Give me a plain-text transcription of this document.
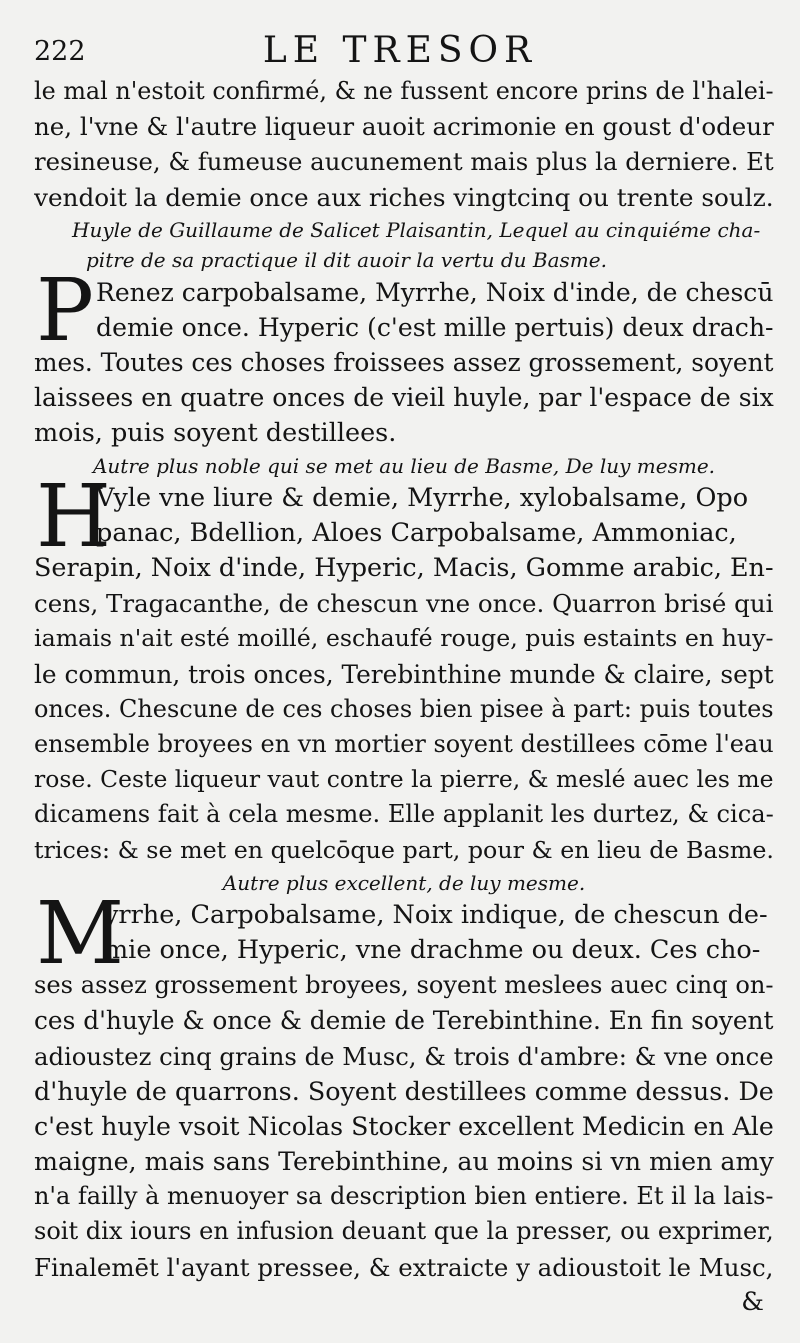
222	LE TRESOR
le mal n'estoit confirmé, & ne fussent encore prins de l'halei-
ne, l'vne & l'autre liqueur auoit acrimonie en goust d'odeur
resineuse, & fumeuse aucunement mais plus la derniere. Et
vendoit la demie once aux riches vingtcinq ou trente soulz.
Huyle de Guillaume de Salicet Plaisantin, Lequel au cinquiéme cha-
pitre de sa practique il dit auoir la vertu du Basme.
P Renez carpobalsame, Myrrhe, Noix d'inde, de chescū
demie once. Hyperic (c'est mille pertuis) deux drach-
mes. Toutes ces choses froissees assez grossement, soyent
laissees en quatre onces de vieil huyle, par l'espace de six
mois, puis soyent destillees.
Autre plus noble qui se met au lieu de Basme, De luy mesme.
H
Vyle vne liure & demie, Myrrhe, xylobalsame, Opo
panac, Bdellion, Aloes Carpobalsame, Ammoniac,
Serapin, Noix d'inde, Hyperic, Macis, Gomme arabic, En-
cens, Tragacanthe, de chescun vne once. Quarron brisé qui
iamais n'ait esté moillé, eschaufé rouge, puis estaints en huy-
le commun, trois onces, Terebinthine munde & claire, sept
onces. Chescune de ces choses bien pisee à part: puis toutes
ensemble broyees en vn mortier soyent destillees cōme l'eau
rose. Ceste liqueur vaut contre la pierre, & meslé auec les me
dicamens fait à cela mesme. Elle applanit les durtez, & cica-
trices: & se met en quelcōque part, pour & en lieu de Basme.
Autre plus excellent, de luy mesme.
M
yrrhe, Carpobalsame, Noix indique, de chescun de-
mie once, Hyperic, vne drachme ou deux. Ces cho-
ses assez grossement broyees, soyent meslees auec cinq on-
ces d'huyle & once & demie de Terebinthine. En fin soyent
adioustez cinq grains de Musc, & trois d'ambre: & vne once
d'huyle de quarrons. Soyent destillees comme dessus. De
c'est huyle vsoit Nicolas Stocker excellent Medicin en Ale
maigne, mais sans Terebinthine, au moins si vn mien amy
n'a failly à menuoyer sa description bien entiere. Et il la lais-
soit dix iours en infusion deuant que la presser, ou exprimer,
Finalemēt l'ayant pressee, & extraicte y adioustoit le Musc,
&
